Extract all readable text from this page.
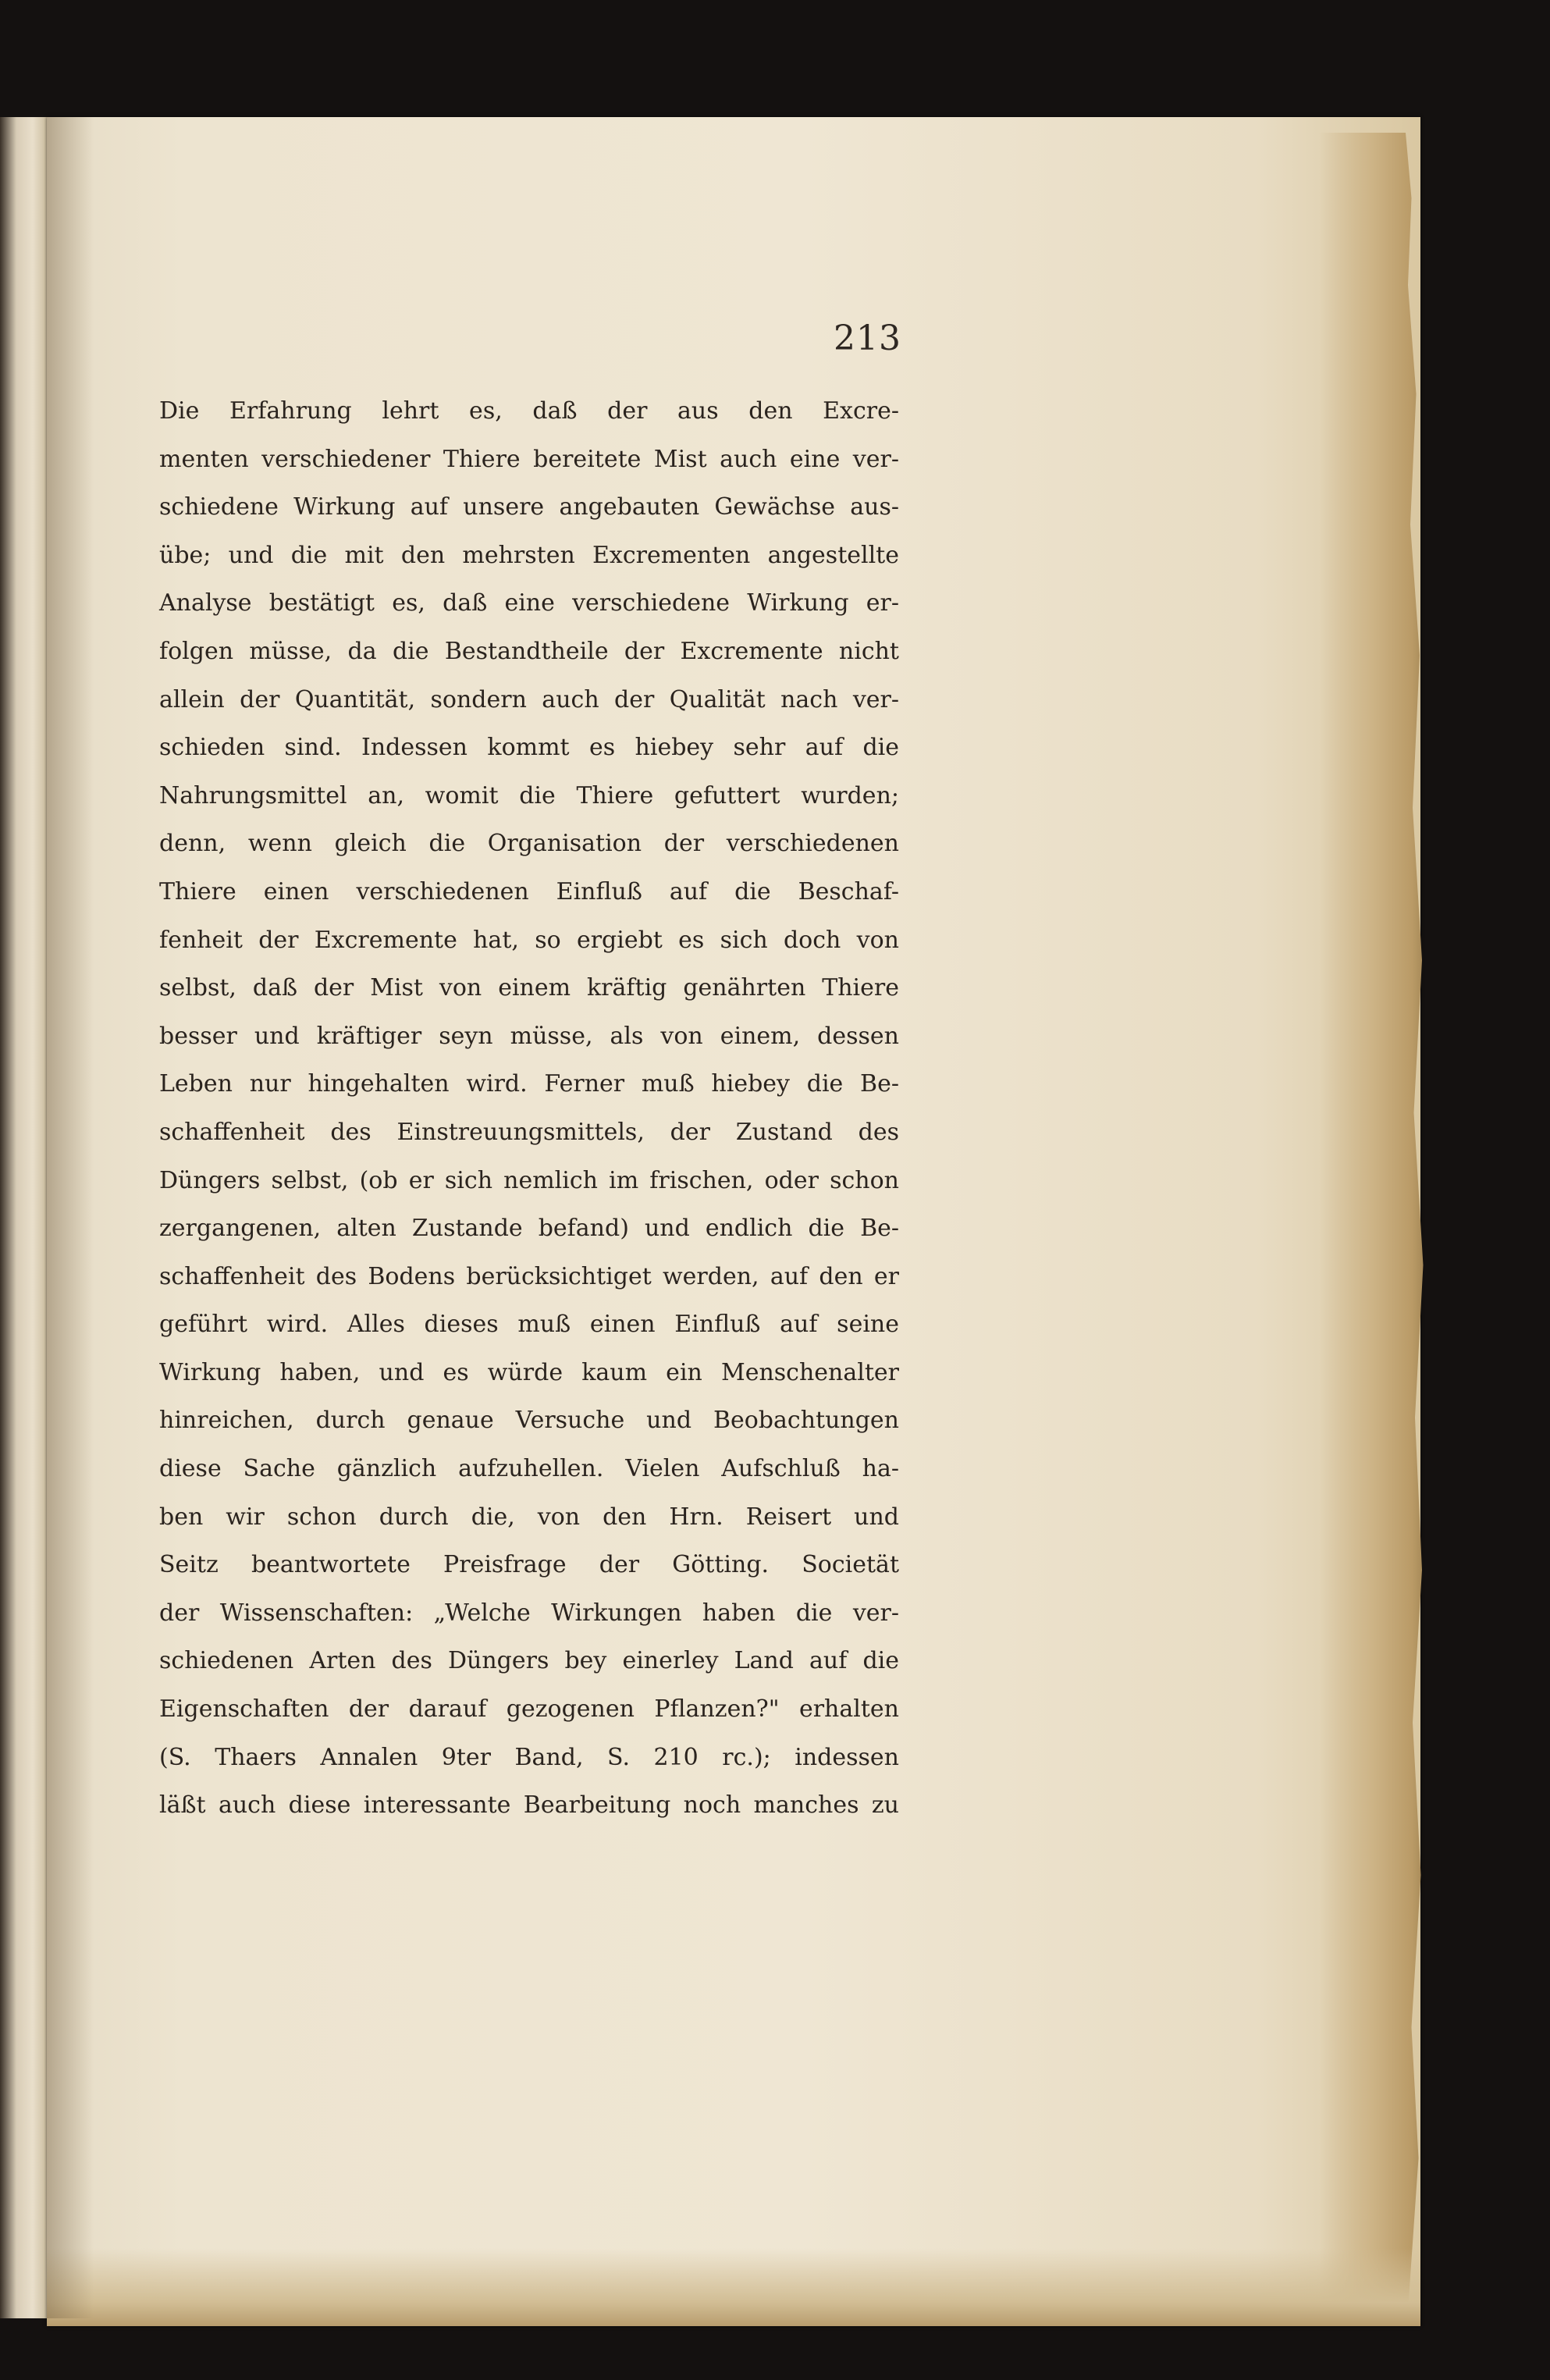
213

Die Erfahrung lehrt es, daß der aus den Excre-
menten verschiedener Thiere bereitete Mist auch eine ver-
schiedene Wirkung auf unsere angebauten Gewächse aus-
übe; und die mit den mehrsten Excrementen angestellte
Analyse bestätigt es, daß eine verschiedene Wirkung er-
folgen müsse, da die Bestandtheile der Excremente nicht
allein der Quantität, sondern auch der Qualität nach ver-
schieden sind. Indessen kommt es hiebey sehr auf die
Nahrungsmittel an, womit die Thiere gefuttert wurden;
denn, wenn gleich die Organisation der verschiedenen
Thiere einen verschiedenen Einfluß auf die Beschaf-
fenheit der Excremente hat, so ergiebt es sich doch von
selbst, daß der Mist von einem kräftig genährten Thiere
besser und kräftiger seyn müsse, als von einem, dessen
Leben nur hingehalten wird. Ferner muß hiebey die Be-
schaffenheit des Einstreuungsmittels, der Zustand des
Düngers selbst, (ob er sich nemlich im frischen, oder schon
zergangenen, alten Zustande befand) und endlich die Be-
schaffenheit des Bodens berücksichtiget werden, auf den er
geführt wird. Alles dieses muß einen Einfluß auf seine
Wirkung haben, und es würde kaum ein Menschenalter
hinreichen, durch genaue Versuche und Beobachtungen
diese Sache gänzlich aufzuhellen. Vielen Aufschluß ha-
ben wir schon durch die, von den Hrn. Reisert und
Seitz beantwortete Preisfrage der Götting. Societät
der Wissenschaften: „Welche Wirkungen haben die ver-
schiedenen Arten des Düngers bey einerley Land auf die
Eigenschaften der darauf gezogenen Pflanzen?" erhalten
(S. Thaers Annalen 9ter Band, S. 210 rc.); indessen
läßt auch diese interessante Bearbeitung noch manches zu
